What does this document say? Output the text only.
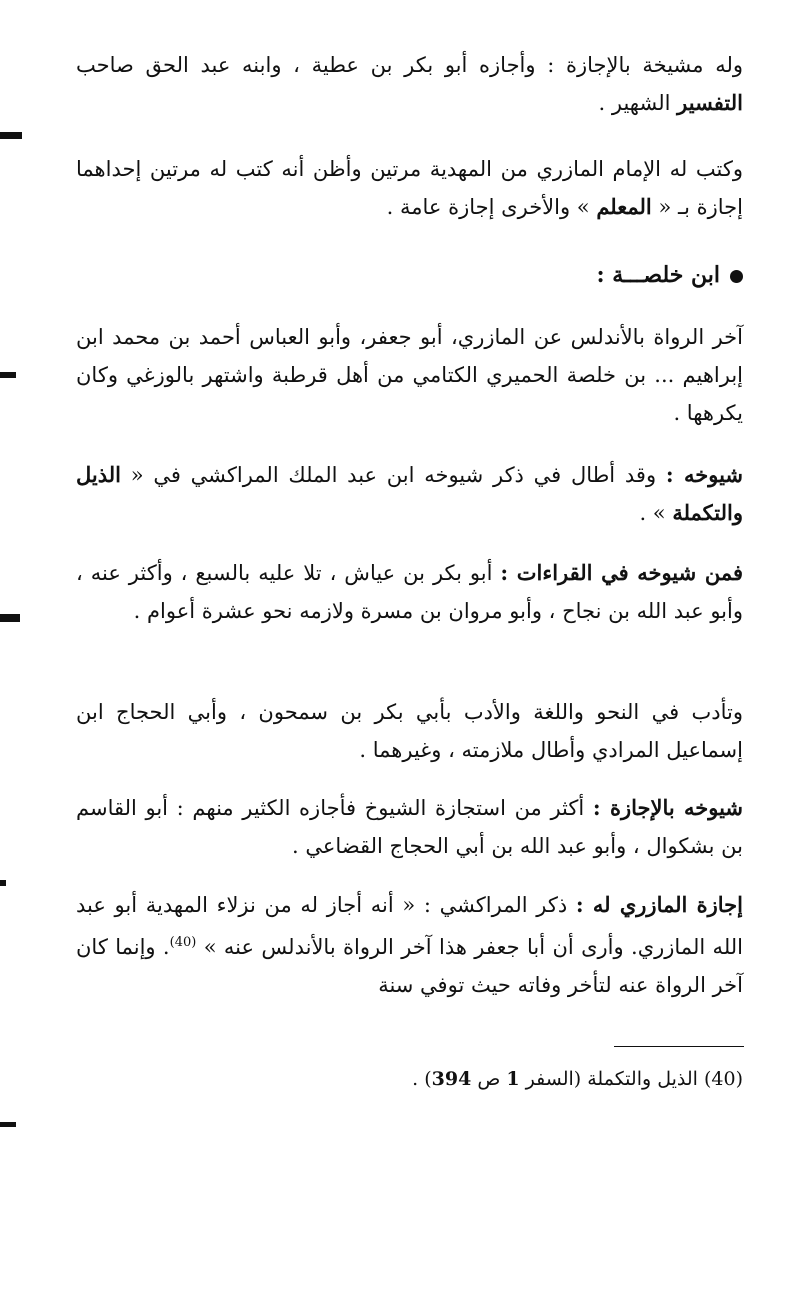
وله مشيخة بالإجازة : وأجازه أبو بكر بن عطية ، وابنه عبد الحق صاحب التفسير الشهير .
وكتب له الإمام المازري من المهدية مرتين وأظن أنه كتب له مرتين إحداهما إجازة بـ « المعلم » والأخرى إجازة عامة .
ابن خلصـــة :
آخر الرواة بالأندلس عن المازري، أبو جعفر، وأبو العباس أحمد بن محمد ابن إبراهيم ... بن خلصة الحميري الكتامي من أهل قرطبة واشتهر بالوزغي وكان يكرهها .
شيوخه : وقد أطال في ذكر شيوخه ابن عبد الملك المراكشي في « الذيل والتكملة » .
فمن شيوخه في القراءات : أبو بكر بن عياش ، تلا عليه بالسبع ، وأكثر عنه ، وأبو عبد الله بن نجاح ، وأبو مروان بن مسرة ولازمه نحو عشرة أعوام .
وتأدب في النحو واللغة والأدب بأبي بكر بن سمحون ، وأبي الحجاج ابن إسماعيل المرادي وأطال ملازمته ، وغيرهما .
شيوخه بالإجازة : أكثر من استجازة الشيوخ فأجازه الكثير منهم : أبو القاسم بن بشكوال ، وأبو عبد الله بن أبي الحجاج القضاعي .
إجازة المازري له : ذكر المراكشي : « أنه أجاز له من نزلاء المهدية أبو عبد الله المازري. وأرى أن أبا جعفر هذا آخر الرواة بالأندلس عنه » $^{(40)}$. وإنما كان آخر الرواة عنه لتأخر وفاته حيث توفي سنة
(40) الذيل والتكملة (السفر 1 ص 394) .
